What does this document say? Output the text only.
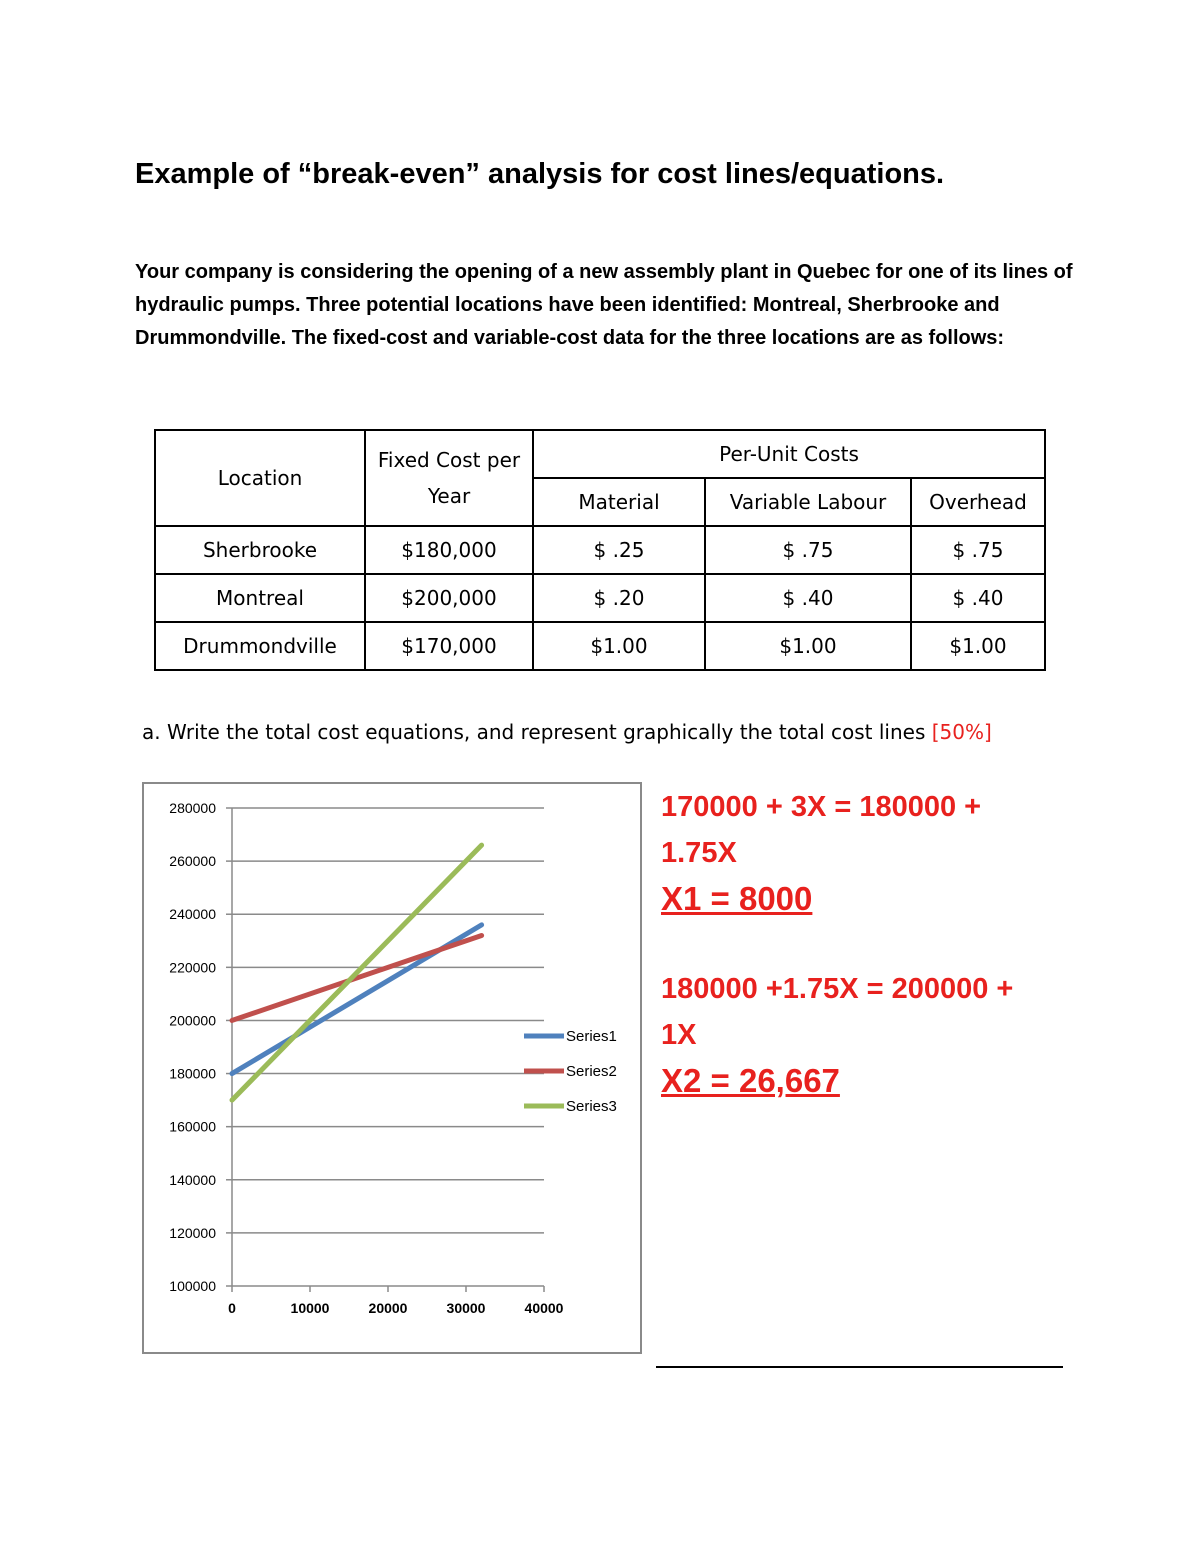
Example of “break-even” analysis for cost lines/equations.
Your company is considering the opening of a new assembly plant in Quebec for one of its lines of hydraulic pumps. Three potential locations have been identified: Montreal, Sherbrooke and Drummondville. The fixed-cost and variable-cost data for the three locations are as follows:
Location	Fixed Cost per Year	Per-Unit Costs		
		Material	Variable Labour	Overhead
Sherbrooke	$180,000	$ .25	$ .75	$ .75
Montreal	$200,000	$ .20	$ .40	$ .40
Drummondville	$170,000	$1.00	$1.00	$1.00
a. Write the total cost equations, and represent graphically the total cost lines [50%]
100000
120000
140000
160000
180000
200000
220000
240000
260000
280000
0	10000	20000	30000	40000
Series1
Series2
Series3
170000 + 3X = 180000 +
1.75X
X1 = 8000
180000 +1.75X = 200000 +
1X
X2 = 26,667
